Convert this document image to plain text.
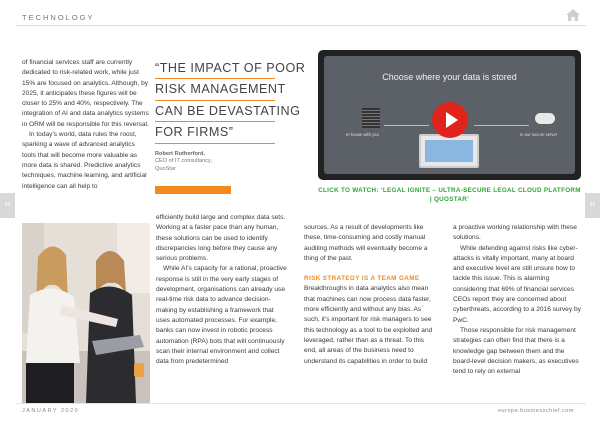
TECHNOLOGY

of financial services staff are currently dedicated to risk-related work, while just 15% are focused on analytics. Although, by 2025, it anticipates these figures will be closer to 25% and 40%, respectively. The integration of AI and data analytics systems in ORM will be responsible for this reversal.

In today’s world, data rules the roost, sparking a wave of advanced analytics tools that will become more valuable as more data is shared. Predictive analytics techniques, machine learning, and artificial intelligence can all help to

“THE IMPACT OF POOR
RISK MANAGEMENT
CAN BE DEVASTATING
FOR FIRMS”
Robert Rutherford,
CEO of IT consultancy,
QuoStar
Choose where your data is stored
In-house with you	In our secure server
CLICK TO WATCH: ‘LEGAL IGNITE – ULTRA-SECURE LEGAL CLOUD PLATFORM | QUOSTAR’
44	45

efficiently build large and complex data sets. Working at a faster pace than any human, these solutions can be used to identify discrepancies long before they cause any serious problems.

While AI’s capacity for a rational, proactive response is still in the very early stages of development, organisations can already use real-time risk data to advance decision-making by establishing a framework that uses automated processes. For example, banks can now invest in robotic process automation (RPA) bots that will continuously scan their internal environment and collect data from predetermined

sources. As a result of developments like these, time-consuming and costly manual auditing methods will eventually become a thing of the past.

RISK STRATEGY IS A TEAM GAME

Breakthroughs in data analytics also mean that machines can now process data faster, more efficiently and without any bias. As such, it’s important for risk managers to see this technology as a tool to be exploited and leveraged, rather than as a threat. To this end, all areas of the business need to understand its capabilities in order to build

a proactive working relationship with these solutions.

While defending against risks like cyber-attacks is vitally important, many at board and executive level are still unsure how to tackle this issue. This is alarming considering that 69% of financial services CEOs report they are concerned about cyberthreats, according to a 2016 survey by PwC.

Those responsible for risk management strategies can often find that there is a knowledge gap between them and the board-level decision makers, as executives tend to rely on external

JANUARY 2020	europe.businesschief.com
